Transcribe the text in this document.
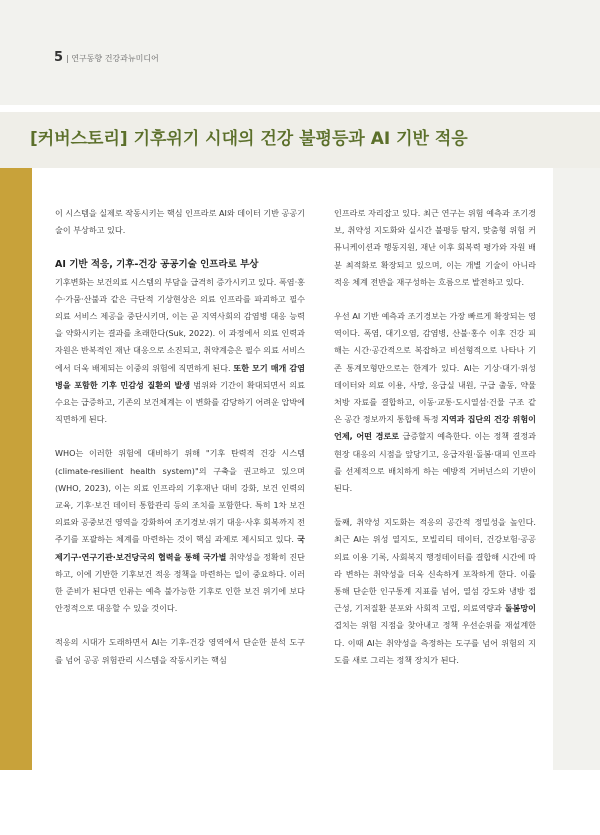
5 | 연구동향 건강과뉴미디어
[커버스토리] 기후위기 시대의 건강 불평등과 AI 기반 적응

이 시스템을 실제로 작동시키는 핵심 인프라로 AI와 데이터 기반 공공기술이 부상하고 있다.

AI 기반 적응, 기후-건강 공공기술 인프라로 부상

기후변화는 보건의료 시스템의 부담을 급격히 증가시키고 있다. 폭염·홍수·가뭄·산불과 같은 극단적 기상현상은 의료 인프라를 파괴하고 필수 의료 서비스 제공을 중단시키며, 이는 곧 지역사회의 감염병 대응 능력을 약화시키는 결과를 초래한다(Suk, 2022). 이 과정에서 의료 인력과 자원은 반복적인 재난 대응으로 소진되고, 취약계층은 필수 의료 서비스에서 더욱 배제되는 이중의 위험에 직면하게 된다. 또한 모기 매개 감염병을 포함한 기후 민감성 질환의 발생 범위와 기간이 확대되면서 의료 수요는 급증하고, 기존의 보건체계는 이 변화를 감당하기 어려운 압박에 직면하게 된다.

WHO는 이러한 위험에 대비하기 위해 "기후 탄력적 건강 시스템(climate-resilient health system)"의 구축을 권고하고 있으며(WHO, 2023), 이는 의료 인프라의 기후재난 대비 강화, 보건 인력의 교육, 기후·보건 데이터 통합관리 등의 조치를 포함한다. 특히 1차 보건의료와 공중보건 영역을 강화하여 조기경보·위기 대응·사후 회복까지 전 주기를 포괄하는 체계를 마련하는 것이 핵심 과제로 제시되고 있다. 국제기구·연구기관·보건당국의 협력을 통해 국가별 취약성을 정확히 진단하고, 이에 기반한 기후보건 적응 정책을 마련하는 일이 중요하다. 이러한 준비가 된다면 인류는 예측 불가능한 기후로 인한 보건 위기에 보다 안정적으로 대응할 수 있을 것이다.

적응의 시대가 도래하면서 AI는 기후-건강 영역에서 단순한 분석 도구를 넘어 공공 위험관리 시스템을 작동시키는 핵심

인프라로 자리잡고 있다. 최근 연구는 위험 예측과 조기경보, 취약성 지도화와 실시간 불평등 탐지, 맞춤형 위험 커뮤니케이션과 행동지원, 재난 이후 회복력 평가와 자원 배분 최적화로 확장되고 있으며, 이는 개별 기술이 아니라 적응 체계 전반을 재구성하는 흐름으로 발전하고 있다.

우선 AI 기반 예측과 조기경보는 가장 빠르게 확장되는 영역이다. 폭염, 대기오염, 감염병, 산불·홍수 이후 건강 피해는 시간·공간적으로 복잡하고 비선형적으로 나타나 기존 통계모형만으로는 한계가 있다. AI는 기상·대기·위성 데이터와 의료 이용, 사망, 응급실 내원, 구급 출동, 약물 처방 자료를 결합하고, 이동·교통·도시열섬·건물 구조 같은 공간 정보까지 통합해 특정 지역과 집단의 건강 위험이 언제, 어떤 경로로 급증할지 예측한다. 이는 정책 결정과 현장 대응의 시점을 앞당기고, 응급자원·돌봄·대피 인프라를 선제적으로 배치하게 하는 예방적 거버넌스의 기반이 된다.

둘째, 취약성 지도화는 적응의 공간적 정밀성을 높인다. 최근 AI는 위성 열지도, 모빌리티 데이터, 건강보험·공공의료 이용 기록, 사회복지 행정데이터를 결합해 시간에 따라 변하는 취약성을 더욱 신속하게 포착하게 한다. 이를 통해 단순한 인구통계 지표를 넘어, 열섬 강도와 냉방 접근성, 기저질환 분포와 사회적 고립, 의료역량과 돌봄망이 겹치는 위험 지점을 찾아내고 정책 우선순위를 재설계한다. 이때 AI는 취약성을 측정하는 도구를 넘어 위험의 지도를 새로 그리는 정책 장치가 된다.
